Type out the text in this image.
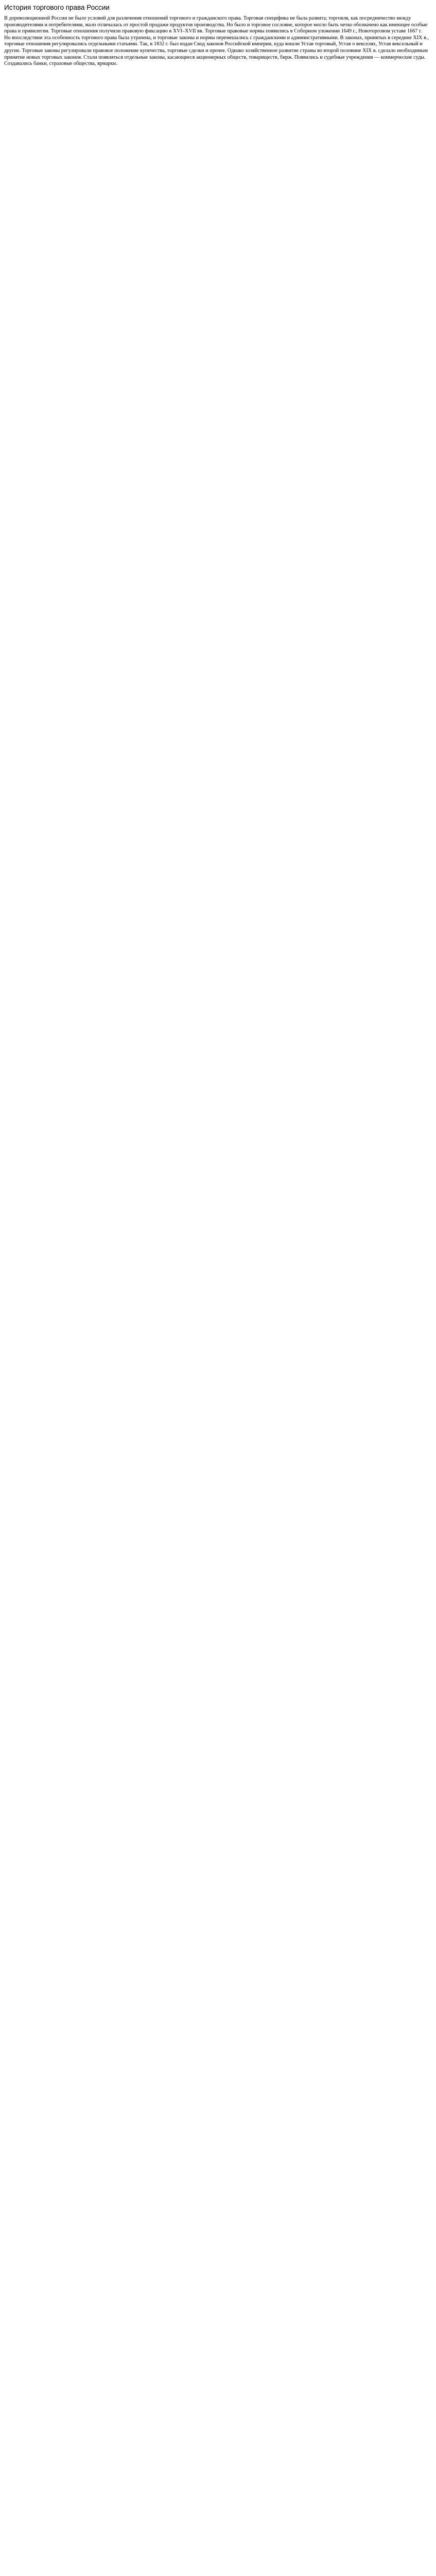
История торгового права России

В дореволюционной России не было условий для различения отношений торгового и гражданского права. Торговая специфика не была развита; торговля, как посредничество между производителями и потребителями, мало отличалась от простой продажи продуктов производства. Но было и торговое сословие, которое могло быть четко обозначено как имеющее особые права и привилегии. Торговые отношения получили правовую фиксацию в XVI–XVII вв. Торговые правовые нормы появились в Соборном уложении 1649 г., Новоторговом уставе 1667 г. Но впоследствии эта особенность торгового права была утрачена, и торговые законы и нормы перемешались с гражданскими и административными. В законах, принятых в середине XIX в., торговые отношения регулировались отдельными статьями. Так, в 1832 г. был издан Свод законов Российской империи, куда вошли Устав торговый, Устав о векселях, Устав вексельный и другие. Торговые законы регулировали правовое положение купечества, торговые сделки и прочее. Однако хозяйственное развитие страны во второй половине XIX в. сделало необходимым принятие новых торговых законов. Стали появляться отдельные законы, касающиеся акционерных обществ, товариществ, бирж. Появились и судебные учреждения — коммерческие суды. Создавались банки, страховые общества, ярмарки.
